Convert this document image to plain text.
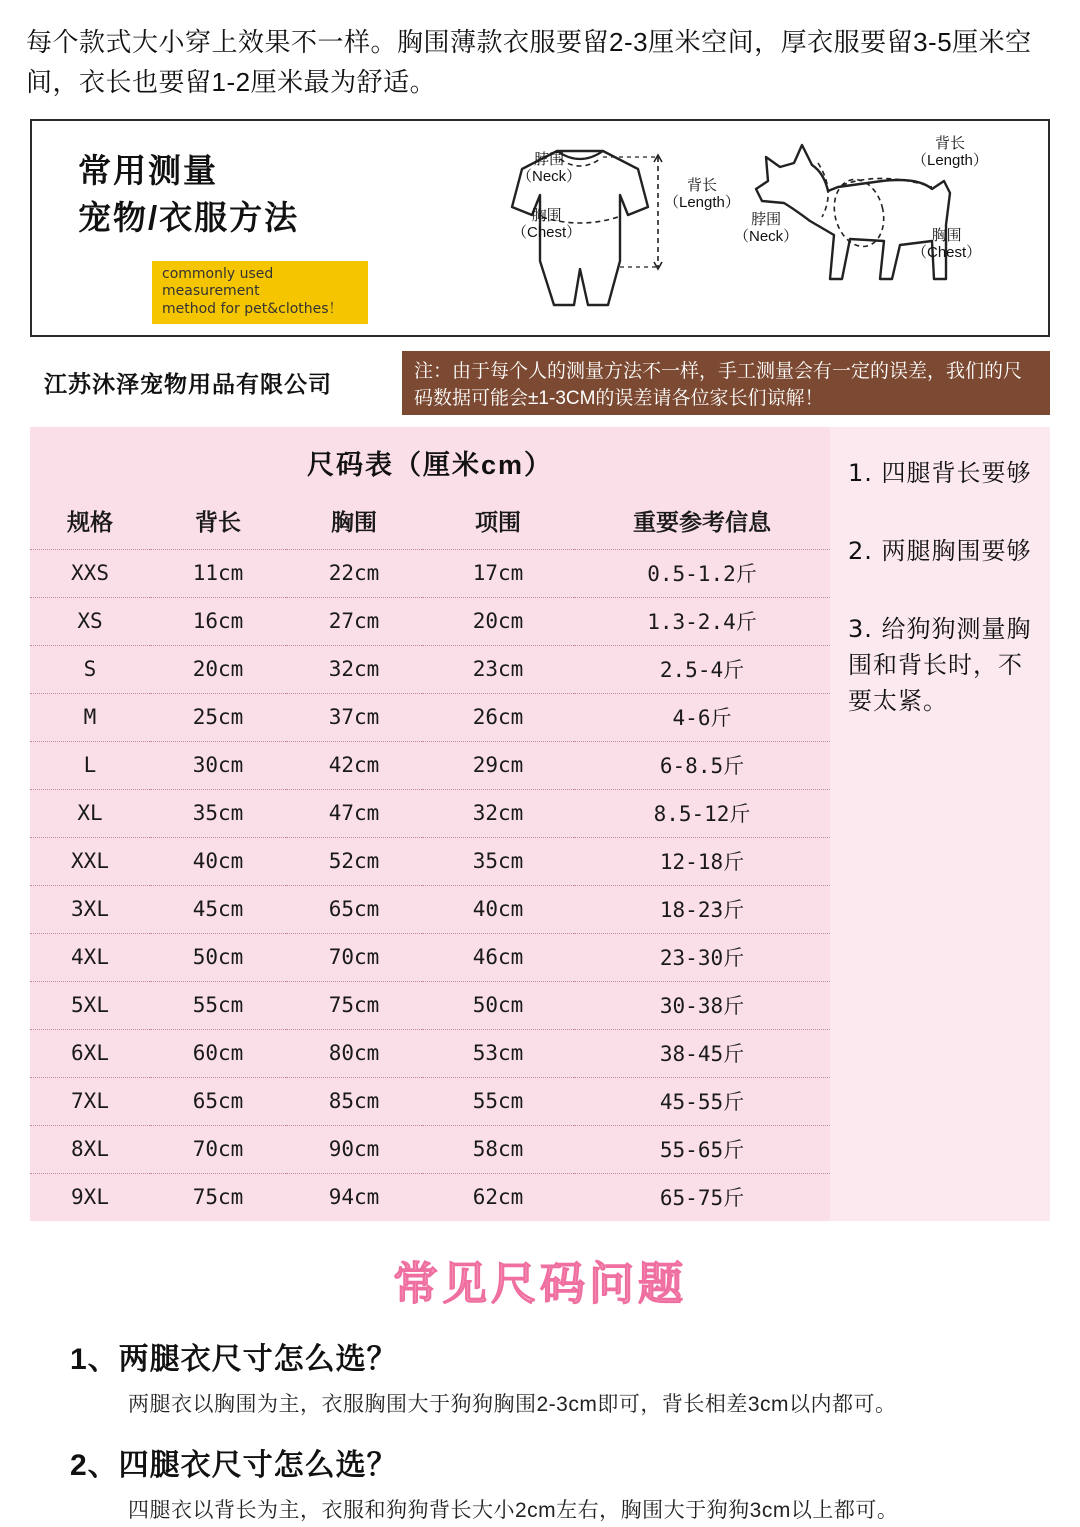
每个款式大小穿上效果不一样。胸围薄款衣服要留2-3厘米空间，厚衣服要留3-5厘米空间，衣长也要留1-2厘米最为舒适。

常用测量
宠物/衣服方法
commonly used measurement
method for pet&clothes！
脖围
（Neck）
胸围
（Chest）
背长
（Length）
背长
（Length）
脖围
（Neck）	胸围
（Chest）
江苏沐泽宠物用品有限公司	注：由于每个人的测量方法不一样，手工测量会有一定的误差，我们的尺码数据可能会±1-3CM的误差请各位家长们谅解！
尺码表（厘米cm）
规格	背长	胸围	项围	重要参考信息
XXS	11cm	22cm	17cm	0.5-1.2斤
XS	16cm	27cm	20cm	1.3-2.4斤
S	20cm	32cm	23cm	2.5-4斤
M	25cm	37cm	26cm	4-6斤
L	30cm	42cm	29cm	6-8.5斤
XL	35cm	47cm	32cm	8.5-12斤
XXL	40cm	52cm	35cm	12-18斤
3XL	45cm	65cm	40cm	18-23斤
4XL	50cm	70cm	46cm	23-30斤
5XL	55cm	75cm	50cm	30-38斤
6XL	60cm	80cm	53cm	38-45斤
7XL	65cm	85cm	55cm	45-55斤
8XL	70cm	90cm	58cm	55-65斤
9XL	75cm	94cm	62cm	65-75斤
1. 四腿背长要够
2. 两腿胸围要够
3. 给狗狗测量胸围和背长时，不要太紧。
常见尺码问题
1、两腿衣尺寸怎么选？
两腿衣以胸围为主，衣服胸围大于狗狗胸围2-3cm即可，背长相差3cm以内都可。
2、四腿衣尺寸怎么选？
四腿衣以背长为主，衣服和狗狗背长大小2cm左右，胸围大于狗狗3cm以上都可。
